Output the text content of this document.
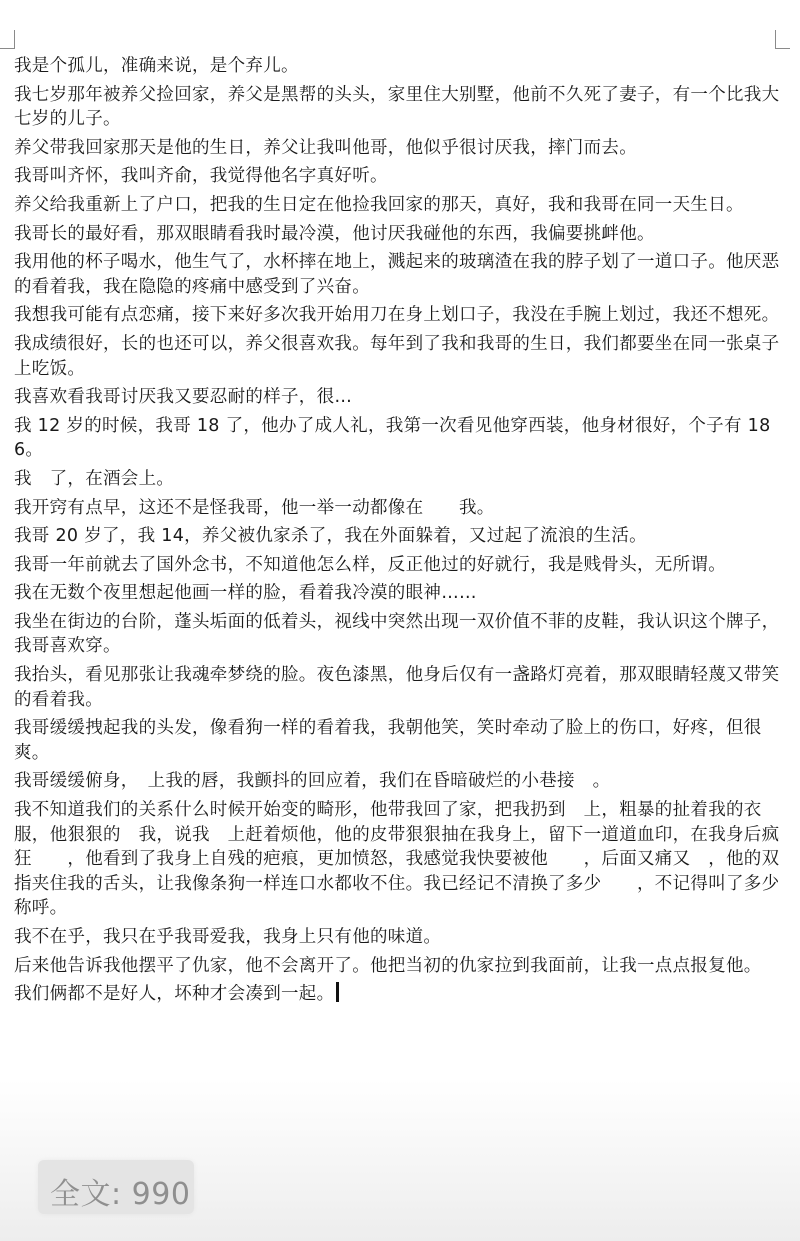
我是个孤儿，准确来说，是个弃儿。

我七岁那年被养父捡回家，养父是黑帮的头头，家里住大别墅，他前不久死了妻子，有一个比我大七岁的儿子。

养父带我回家那天是他的生日，养父让我叫他哥，他似乎很讨厌我，摔门而去。

我哥叫齐怀，我叫齐俞，我觉得他名字真好听。

养父给我重新上了户口，把我的生日定在他捡我回家的那天，真好，我和我哥在同一天生日。

我哥长的最好看，那双眼睛看我时最冷漠，他讨厌我碰他的东西，我偏要挑衅他。

我用他的杯子喝水，他生气了，水杯摔在地上，溅起来的玻璃渣在我的脖子划了一道口子。他厌恶的看着我，我在隐隐的疼痛中感受到了兴奋。

我想我可能有点恋痛，接下来好多次我开始用刀在身上划口子，我没在手腕上划过，我还不想死。

我成绩很好，长的也还可以，养父很喜欢我。每年到了我和我哥的生日，我们都要坐在同一张桌子上吃饭。

我喜欢看我哥讨厌我又要忍耐的样子，很…

我 12 岁的时候，我哥 18 了，他办了成人礼，我第一次看见他穿西装，他身材很好，个子有 186。

我　了，在酒会上。

我开窍有点早，这还不是怪我哥，他一举一动都像在　　我。

我哥 20 岁了，我 14，养父被仇家杀了，我在外面躲着，又过起了流浪的生活。

我哥一年前就去了国外念书，不知道他怎么样，反正他过的好就行，我是贱骨头，无所谓。

我在无数个夜里想起他画一样的脸，看着我冷漠的眼神……

我坐在街边的台阶，蓬头垢面的低着头，视线中突然出现一双价值不菲的皮鞋，我认识这个牌子，我哥喜欢穿。

我抬头，看见那张让我魂牵梦绕的脸。夜色漆黑，他身后仅有一盏路灯亮着，那双眼睛轻蔑又带笑的看着我。

我哥缓缓拽起我的头发，像看狗一样的看着我，我朝他笑，笑时牵动了脸上的伤口，好疼，但很爽。

我哥缓缓俯身，　上我的唇，我颤抖的回应着，我们在昏暗破烂的小巷接　。

我不知道我们的关系什么时候开始变的畸形，他带我回了家，把我扔到　上，粗暴的扯着我的衣服，他狠狠的　我，说我　上赶着烦他，他的皮带狠狠抽在我身上，留下一道道血印，在我身后疯狂　　，他看到了我身上自残的疤痕，更加愤怒，我感觉我快要被他　　，后面又痛又　，他的双指夹住我的舌头，让我像条狗一样连口水都收不住。我已经记不清换了多少　　，不记得叫了多少称呼。

我不在乎，我只在乎我哥爱我，我身上只有他的味道。

后来他告诉我他摆平了仇家，他不会离开了。他把当初的仇家拉到我面前，让我一点点报复他。

我们俩都不是好人，坏种才会凑到一起。

全文: 990
